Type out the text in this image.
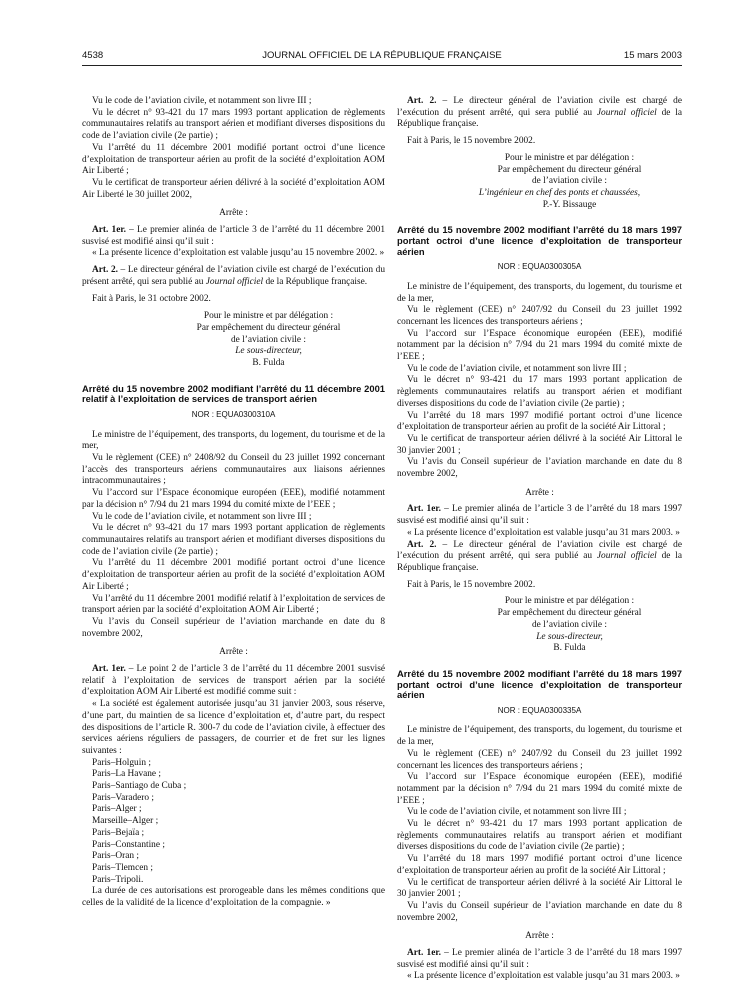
4538	JOURNAL OFFICIEL DE LA RÉPUBLIQUE FRANÇAISE	15 mars 2003

Vu le code de l’aviation civile, et notamment son livre III ;

Vu le décret n° 93-421 du 17 mars 1993 portant application de règlements communautaires relatifs au transport aérien et modifiant diverses dispositions du code de l’aviation civile (2e partie) ;

Vu l’arrêté du 11 décembre 2001 modifié portant octroi d’une licence d’exploitation de transporteur aérien au profit de la société d’exploitation AOM Air Liberté ;

Vu le certificat de transporteur aérien délivré à la société d’exploitation AOM Air Liberté le 30 juillet 2002,

Arrête :

Art. 1er. – Le premier alinéa de l’article 3 de l’arrêté du 11 décembre 2001 susvisé est modifié ainsi qu’il suit :

« La présente licence d’exploitation est valable jusqu’au 15 novembre 2002. »

Art. 2. – Le directeur général de l’aviation civile est chargé de l’exécution du présent arrêté, qui sera publié au Journal officiel de la République française.

Fait à Paris, le 31 octobre 2002.

Pour le ministre et par délégation :

Par empêchement du directeur général

de l’aviation civile :

Le sous-directeur,

B. Fulda

Arrêté du 15 novembre 2002 modifiant l’arrêté du 11 décembre 2001 relatif à l’exploitation de services de transport aérien

NOR : EQUA0300310A

Le ministre de l’équipement, des transports, du logement, du tourisme et de la mer,

Vu le règlement (CEE) n° 2408/92 du Conseil du 23 juillet 1992 concernant l’accès des transporteurs aériens communautaires aux liaisons aériennes intracommunautaires ;

Vu l’accord sur l’Espace économique européen (EEE), modifié notamment par la décision n° 7/94 du 21 mars 1994 du comité mixte de l’EEE ;

Vu le code de l’aviation civile, et notamment son livre III ;

Vu le décret n° 93-421 du 17 mars 1993 portant application de règlements communautaires relatifs au transport aérien et modifiant diverses dispositions du code de l’aviation civile (2e partie) ;

Vu l’arrêté du 11 décembre 2001 modifié portant octroi d’une licence d’exploitation de transporteur aérien au profit de la société d’exploitation AOM Air Liberté ;

Vu l’arrêté du 11 décembre 2001 modifié relatif à l’exploitation de services de transport aérien par la société d’exploitation AOM Air Liberté ;

Vu l’avis du Conseil supérieur de l’aviation marchande en date du 8 novembre 2002,

Arrête :

Art. 1er. – Le point 2 de l’article 3 de l’arrêté du 11 décembre 2001 susvisé relatif à l’exploitation de services de transport aérien par la société d’exploitation AOM Air Liberté est modifié comme suit :

« La société est également autorisée jusqu’au 31 janvier 2003, sous réserve, d’une part, du maintien de sa licence d’exploitation et, d’autre part, du respect des dispositions de l’article R. 300-7 du code de l’aviation civile, à effectuer des services aériens réguliers de passagers, de courrier et de fret sur les lignes suivantes :

Paris–Holguin ;

Paris–La Havane ;

Paris–Santiago de Cuba ;

Paris–Varadero ;

Paris–Alger ;

Marseille–Alger ;

Paris–Bejaïa ;

Paris–Constantine ;

Paris–Oran ;

Paris–Tlemcen ;

Paris–Tripoli.

La durée de ces autorisations est prorogeable dans les mêmes conditions que celles de la validité de la licence d’exploitation de la compagnie. »

Art. 2. – Le directeur général de l’aviation civile est chargé de l’exécution du présent arrêté, qui sera publié au Journal officiel de la République française.

Fait à Paris, le 15 novembre 2002.

Pour le ministre et par délégation :

Par empêchement du directeur général

de l’aviation civile :

L’ingénieur en chef des ponts et chaussées,

P.-Y. Bissauge

Arrêté du 15 novembre 2002 modifiant l’arrêté du 18 mars 1997 portant octroi d’une licence d’exploitation de transporteur aérien

NOR : EQUA0300305A

Le ministre de l’équipement, des transports, du logement, du tourisme et de la mer,

Vu le règlement (CEE) n° 2407/92 du Conseil du 23 juillet 1992 concernant les licences des transporteurs aériens ;

Vu l’accord sur l’Espace économique européen (EEE), modifié notamment par la décision n° 7/94 du 21 mars 1994 du comité mixte de l’EEE ;

Vu le code de l’aviation civile, et notamment son livre III ;

Vu le décret n° 93-421 du 17 mars 1993 portant application de règlements communautaires relatifs au transport aérien et modifiant diverses dispositions du code de l’aviation civile (2e partie) ;

Vu l’arrêté du 18 mars 1997 modifié portant octroi d’une licence d’exploitation de transporteur aérien au profit de la société Air Littoral ;

Vu le certificat de transporteur aérien délivré à la société Air Littoral le 30 janvier 2001 ;

Vu l’avis du Conseil supérieur de l’aviation marchande en date du 8 novembre 2002,

Arrête :

Art. 1er. – Le premier alinéa de l’article 3 de l’arrêté du 18 mars 1997 susvisé est modifié ainsi qu’il suit :

« La présente licence d’exploitation est valable jusqu’au 31 mars 2003. »

Art. 2. – Le directeur général de l’aviation civile est chargé de l’exécution du présent arrêté, qui sera publié au Journal officiel de la République française.

Fait à Paris, le 15 novembre 2002.

Pour le ministre et par délégation :

Par empêchement du directeur général

de l’aviation civile :

Le sous-directeur,

B. Fulda

Arrêté du 15 novembre 2002 modifiant l’arrêté du 18 mars 1997 portant octroi d’une licence d’exploitation de transporteur aérien

NOR : EQUA0300335A

Le ministre de l’équipement, des transports, du logement, du tourisme et de la mer,

Vu le règlement (CEE) n° 2407/92 du Conseil du 23 juillet 1992 concernant les licences des transporteurs aériens ;

Vu l’accord sur l’Espace économique européen (EEE), modifié notamment par la décision n° 7/94 du 21 mars 1994 du comité mixte de l’EEE ;

Vu le code de l’aviation civile, et notamment son livre III ;

Vu le décret n° 93-421 du 17 mars 1993 portant application de règlements communautaires relatifs au transport aérien et modifiant diverses dispositions du code de l’aviation civile (2e partie) ;

Vu l’arrêté du 18 mars 1997 modifié portant octroi d’une licence d’exploitation de transporteur aérien au profit de la société Air Littoral ;

Vu le certificat de transporteur aérien délivré à la société Air Littoral le 30 janvier 2001 ;

Vu l’avis du Conseil supérieur de l’aviation marchande en date du 8 novembre 2002,

Arrête :

Art. 1er. – Le premier alinéa de l’article 3 de l’arrêté du 18 mars 1997 susvisé est modifié ainsi qu’il suit :

« La présente licence d’exploitation est valable jusqu’au 31 mars 2003. »
